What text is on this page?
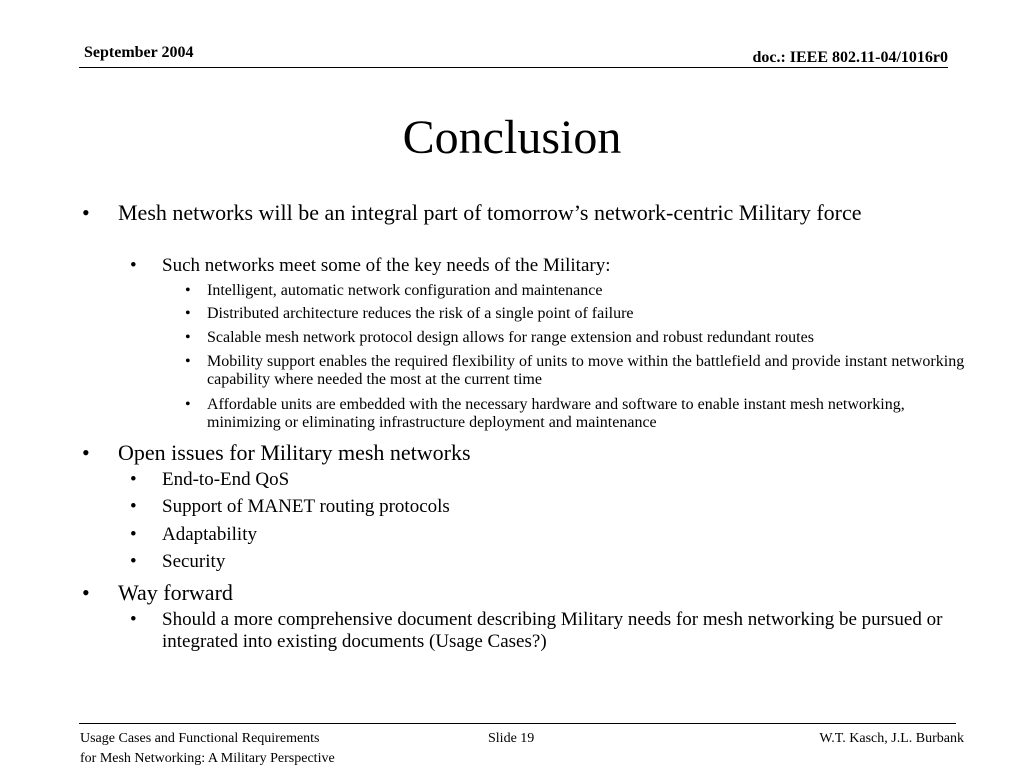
September 2004	doc.: IEEE 802.11-04/1016r0
Conclusion
• Mesh networks will be an integral part of tomorrow’s network-centric Military force
• Such networks meet some of the key needs of the Military:
• Intelligent, automatic network configuration and maintenance
• Distributed architecture reduces the risk of a single point of failure
• Scalable mesh network protocol design allows for range extension and robust redundant routes
• Mobility support enables the required flexibility of units to move within the battlefield and provide instant networking capability where needed the most at the current time
• Affordable units are embedded with the necessary hardware and software to enable instant mesh networking, minimizing or eliminating infrastructure deployment and maintenance
• Open issues for Military mesh networks
• End-to-End QoS
• Support of MANET routing protocols
• Adaptability
• Security
• Way forward
• Should a more comprehensive document describing Military needs for mesh networking be pursued or integrated into existing documents (Usage Cases?)
Usage Cases and Functional Requirements
for Mesh Networking: A Military Perspective
Slide 19	W.T. Kasch, J.L. Burbank
